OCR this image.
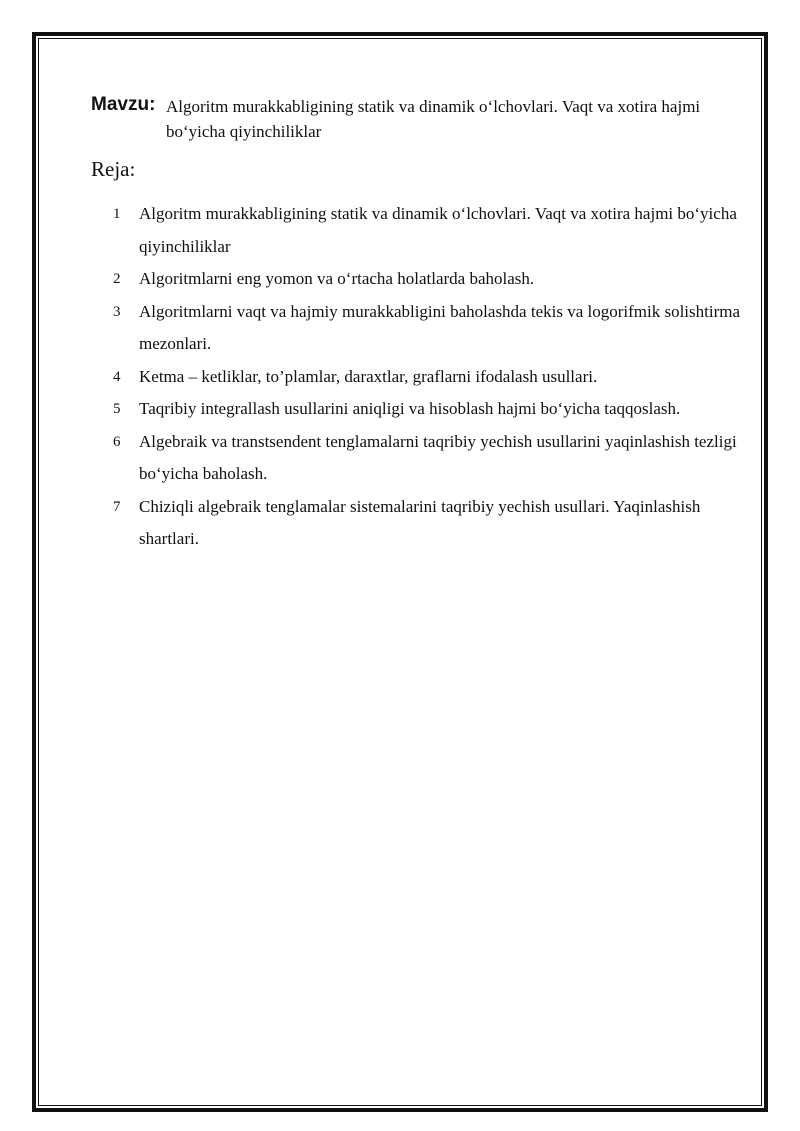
Mavzu: Algoritm murakkabligining statik va dinamik o‘lchovlari. Vaqt va xotira hajmi bo‘yicha qiyinchiliklar
Reja:
1 Algoritm murakkabligining statik va dinamik o‘lchovlari. Vaqt va xotira hajmi bo‘yicha qiyinchiliklar
2 Algoritmlarni eng yomon va o‘rtacha holatlarda baholash.
3 Algoritmlarni vaqt va hajmiy murakkabligini baholashda tekis va logorifmik solishtirma mezonlari.
4 Ketma – ketliklar, to’plamlar, daraxtlar, graflarni ifodalash usullari.
5 Taqribiy integrallash usullarini aniqligi va hisoblash hajmi bo‘yicha taqqoslash.
6 Algebraik va transtsendent tenglamalarni taqribiy yechish usullarini yaqinlashish tezligi bo‘yicha baholash.
7 Chiziqli algebraik tenglamalar sistemalarini taqribiy yechish usullari. Yaqinlashish shartlari.
